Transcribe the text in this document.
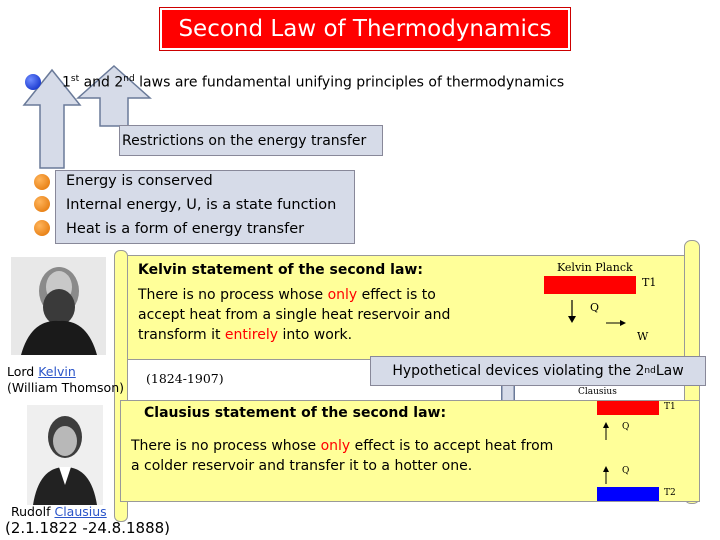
Second Law of Thermodynamics
1st and 2nd laws are fundamental unifying principles of thermodynamics
Restrictions on the energy transfer
Energy is conserved
Internal energy, U, is a state function
Heat is a form of energy transfer
Lord Kelvin
(William Thomson)
(1824-1907)
Kelvin statement of the second law:
There is no process whose only effect is to accept heat from a single heat reservoir and transform it entirely into work.
Kelvin Planck
T1
Q
W
Hypothetical devices violating the 2 nd Law
Rudolf Clausius
(2.1.1822 -24.8.1888)
Clausius statement of the second law:
There is no process whose only effect is to accept heat from a colder reservoir and transfer it to a hotter one.
Clausius
T1
Q
Q
T2
